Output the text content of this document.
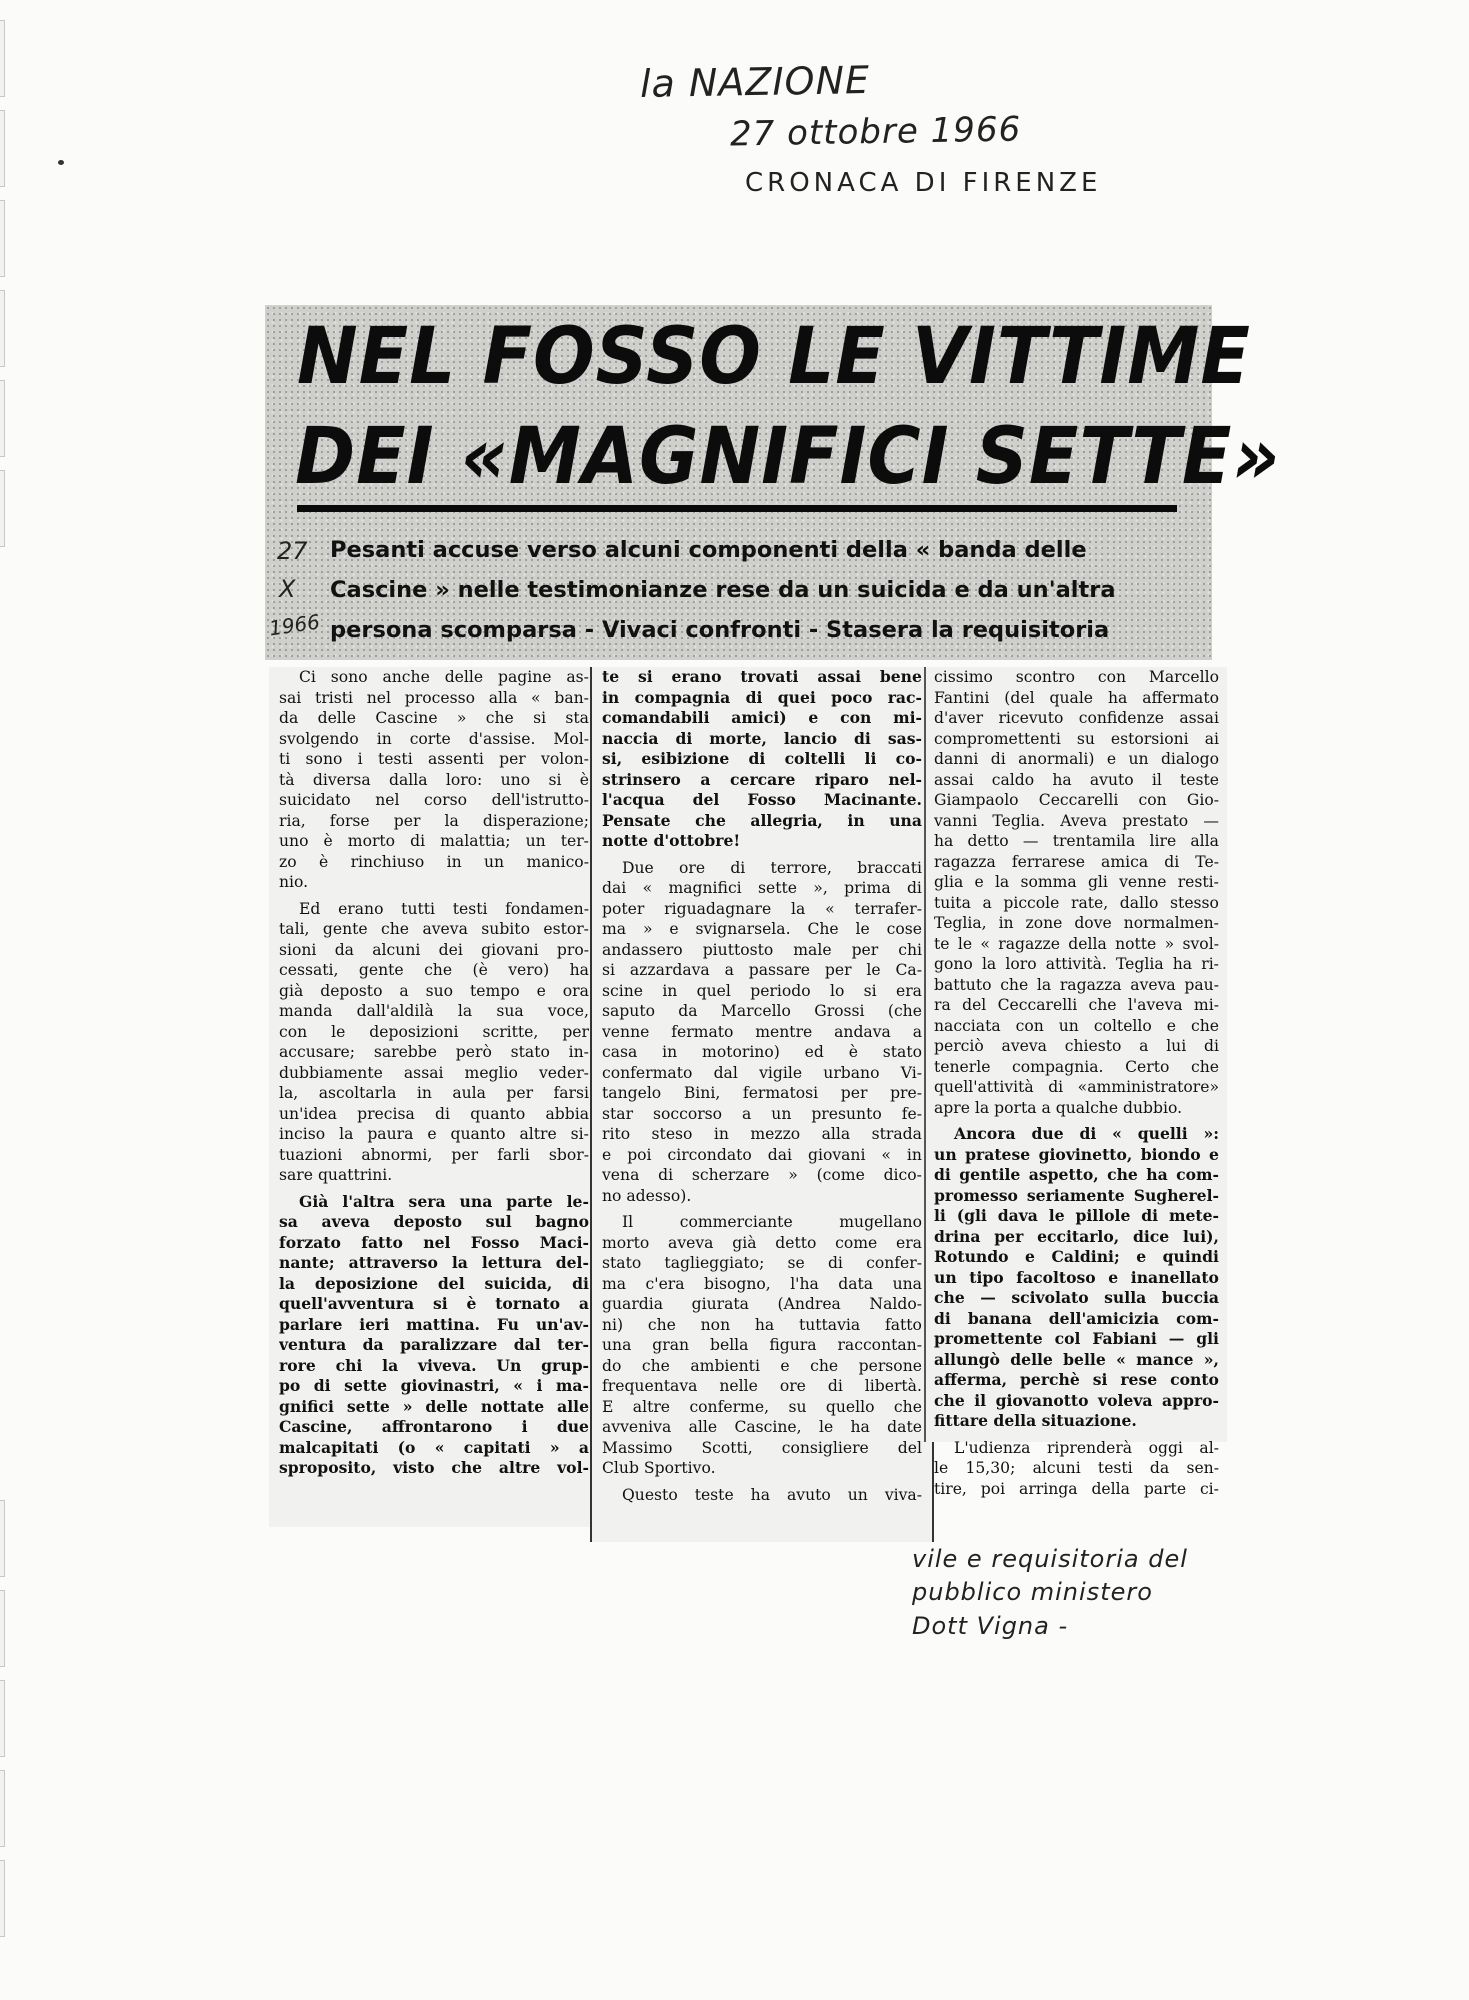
la NAZIONE
27 ottobre 1966
CRONACA DI FIRENZE
NEL FOSSO LE VITTIME
DEI «MAGNIFICI SETTE»
27
X
1966
Pesanti accuse verso alcuni componenti della « banda delle
Cascine » nelle testimonianze rese da un suicida e da un'altra
persona scomparsa - Vivaci confronti - Stasera la requisitoria
Ci sono anche delle pagine as-
sai tristi nel processo alla « ban-
da delle Cascine » che si sta
svolgendo in corte d'assise. Mol-
ti sono i testi assenti per volon-
tà diversa dalla loro: uno si è
suicidato nel corso dell'istrutto-
ria, forse per la disperazione;
uno è morto di malattia; un ter-
zo è rinchiuso in un manico-
nio.
Ed erano tutti testi fondamen-
tali, gente che aveva subito estor-
sioni da alcuni dei giovani pro-
cessati, gente che (è vero) ha
già deposto a suo tempo e ora
manda dall'aldilà la sua voce,
con le deposizioni scritte, per
accusare; sarebbe però stato in-
dubbiamente assai meglio veder-
la, ascoltarla in aula per farsi
un'idea precisa di quanto abbia
inciso la paura e quanto altre si-
tuazioni abnormi, per farli sbor-
sare quattrini.
Già l'altra sera una parte le-
sa aveva deposto sul bagno
forzato fatto nel Fosso Maci-
nante; attraverso la lettura del-
la deposizione del suicida, di
quell'avventura si è tornato a
parlare ieri mattina. Fu un'av-
ventura da paralizzare dal ter-
rore chi la viveva. Un grup-
po di sette giovinastri, « i ma-
gnifici sette » delle nottate alle
Cascine, affrontarono i due
malcapitati (o « capitati » a
sproposito, visto che altre vol-
te si erano trovati assai bene
in compagnia di quei poco rac-
comandabili amici) e con mi-
naccia di morte, lancio di sas-
si, esibizione di coltelli li co-
strinsero a cercare riparo nel-
l'acqua del Fosso Macinante.
Pensate che allegria, in una
notte d'ottobre!
Due ore di terrore, braccati
dai « magnifici sette », prima di
poter riguadagnare la « terrafer-
ma » e svignarsela. Che le cose
andassero piuttosto male per chi
si azzardava a passare per le Ca-
scine in quel periodo lo si era
saputo da Marcello Grossi (che
venne fermato mentre andava a
casa in motorino) ed è stato
confermato dal vigile urbano Vi-
tangelo Bini, fermatosi per pre-
star soccorso a un presunto fe-
rito steso in mezzo alla strada
e poi circondato dai giovani « in
vena di scherzare » (come dico-
no adesso).
Il	commerciante	mugellano
morto aveva già detto come era
stato taglieggiato; se di confer-
ma c'era bisogno, l'ha data una
guardia giurata (Andrea Naldo-
ni) che non ha tuttavia fatto
una gran bella figura raccontan-
do che ambienti e che persone
frequentava nelle ore di libertà.
E altre conferme, su quello che
avveniva alle Cascine, le ha date
Massimo Scotti, consigliere del
Club Sportivo.
Questo teste ha avuto un viva-
cissimo scontro con Marcello
Fantini (del quale ha affermato
d'aver ricevuto confidenze assai
compromettenti su estorsioni ai
danni di anormali) e un dialogo
assai caldo ha avuto il teste
Giampaolo Ceccarelli con Gio-
vanni Teglia. Aveva prestato —
ha detto — trentamila lire alla
ragazza ferrarese amica di Te-
glia e la somma gli venne resti-
tuita a piccole rate, dallo stesso
Teglia, in zone dove normalmen-
te le « ragazze della notte » svol-
gono la loro attività. Teglia ha ri-
battuto che la ragazza aveva pau-
ra del Ceccarelli che l'aveva mi-
nacciata con un coltello e che
perciò aveva chiesto a lui di
tenerle compagnia. Certo che
quell'attività di «amministratore»
apre la porta a qualche dubbio.
Ancora due di « quelli »:
un pratese giovinetto, biondo e
di gentile aspetto, che ha com-
promesso seriamente Sugherel-
li (gli dava le pillole di mete-
drina per eccitarlo, dice lui),
Rotundo e Caldini; e quindi
un tipo facoltoso e inanellato
che — scivolato sulla buccia
di banana dell'amicizia com-
promettente col Fabiani — gli
allungò delle belle « mance »,
afferma, perchè si rese conto
che il giovanotto voleva appro-
fittare della situazione.
L'udienza riprenderà oggi al-
le 15,30; alcuni testi da sen-
tire, poi arringa della parte ci-
vile e requisitoria del
pubblico ministero
Dott Vigna -
